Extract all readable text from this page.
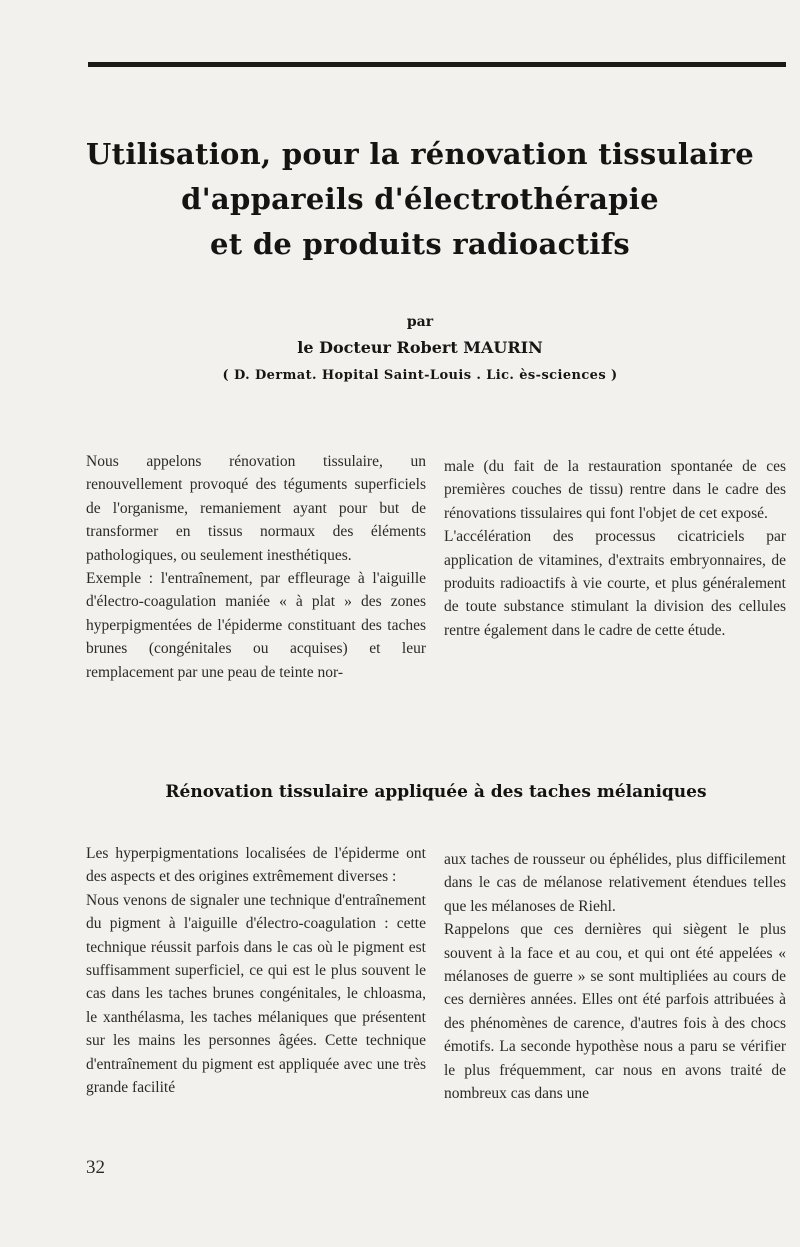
Utilisation, pour la rénovation tissulaire
d'appareils d'électrothérapie
et de produits radioactifs
par
le Docteur Robert MAURIN
( D. Dermat. Hopital Saint-Louis . Lic. ès-sciences )

Nous appelons rénovation tissulaire, un renouvellement provoqué des téguments superficiels de l'organisme, remaniement ayant pour but de transformer en tissus normaux des éléments pathologiques, ou seulement inesthétiques.

Exemple : l'entraînement, par effleurage à l'aiguille d'électro-coagulation maniée « à plat » des zones hyperpigmentées de l'épiderme constituant des taches brunes (congénitales ou acquises) et leur remplacement par une peau de teinte nor-

male (du fait de la restauration spontanée de ces premières couches de tissu) rentre dans le cadre des rénovations tissulaires qui font l'objet de cet exposé.

L'accélération des processus cicatriciels par application de vitamines, d'extraits embryonnaires, de produits radioactifs à vie courte, et plus généralement de toute substance stimulant la division des cellules rentre également dans le cadre de cette étude.

Rénovation tissulaire appliquée à des taches mélaniques

Les hyperpigmentations localisées de l'épiderme ont des aspects et des origines extrêmement diverses :

Nous venons de signaler une technique d'entraînement du pigment à l'aiguille d'électro-coagulation : cette technique réussit parfois dans le cas où le pigment est suffisamment superficiel, ce qui est le plus souvent le cas dans les taches brunes congénitales, le chloasma, le xanthélasma, les taches mélaniques que présentent sur les mains les personnes âgées. Cette technique d'entraînement du pigment est appliquée avec une très grande facilité

aux taches de rousseur ou éphélides, plus difficilement dans le cas de mélanose relativement étendues telles que les mélanoses de Riehl.

Rappelons que ces dernières qui siègent le plus souvent à la face et au cou, et qui ont été appelées « mélanoses de guerre » se sont multipliées au cours de ces dernières années. Elles ont été parfois attribuées à des phénomènes de carence, d'autres fois à des chocs émotifs. La seconde hypothèse nous a paru se vérifier le plus fréquemment, car nous en avons traité de nombreux cas dans une

32
